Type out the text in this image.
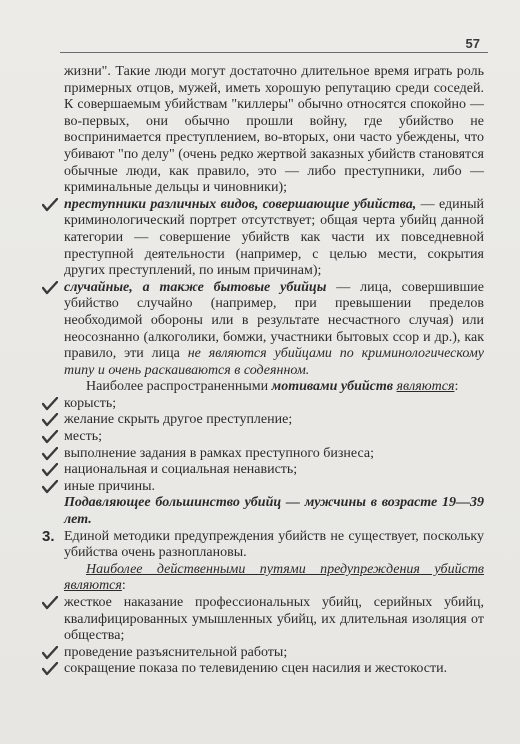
57

жизни". Такие люди могут достаточно длительное время играть роль примерных отцов, мужей, иметь хорошую репутацию среди соседей. К совершаемым убийствам "киллеры" обычно относятся спокойно — во-первых, они обычно прошли войну, где убийство не воспринимается преступлением, во-вторых, они часто убеждены, что убивают "по делу" (очень редко жертвой заказных убийств становятся обычные люди, как правило, это — либо преступники, либо — криминальные дельцы и чиновники);

преступники различных видов, совершающие убийства, — единый криминологический портрет отсутствует; общая черта убийц данной категории — совершение убийств как части их повседневной преступной деятельности (например, с целью мести, сокрытия других преступлений, по иным причинам);

случайные, а также бытовые убийцы — лица, совершившие убийство случайно (например, при превышении пределов необходимой обороны или в результате несчастного случая) или неосознанно (алкоголики, бомжи, участники бытовых ссор и др.), как правило, эти лица не являются убийцами по криминологическому типу и очень раскаиваются в содеянном.

Наиболее распространенными мотивами убийств являются:

корысть;

желание скрыть другое преступление;

месть;

выполнение задания в рамках преступного бизнеса;

национальная и социальная ненависть;

иные причины.

Подавляющее большинство убийц — мужчины в возрасте 19—39 лет.

3. Единой методики предупреждения убийств не существует, поскольку убийства очень разноплановы.

Наиболее действенными путями предупреждения убийств являются:

жесткое наказание профессиональных убийц, серийных убийц, квалифицированных умышленных убийц, их длительная изоляция от общества;

проведение разъяснительной работы;

сокращение показа по телевидению сцен насилия и жестокости.
